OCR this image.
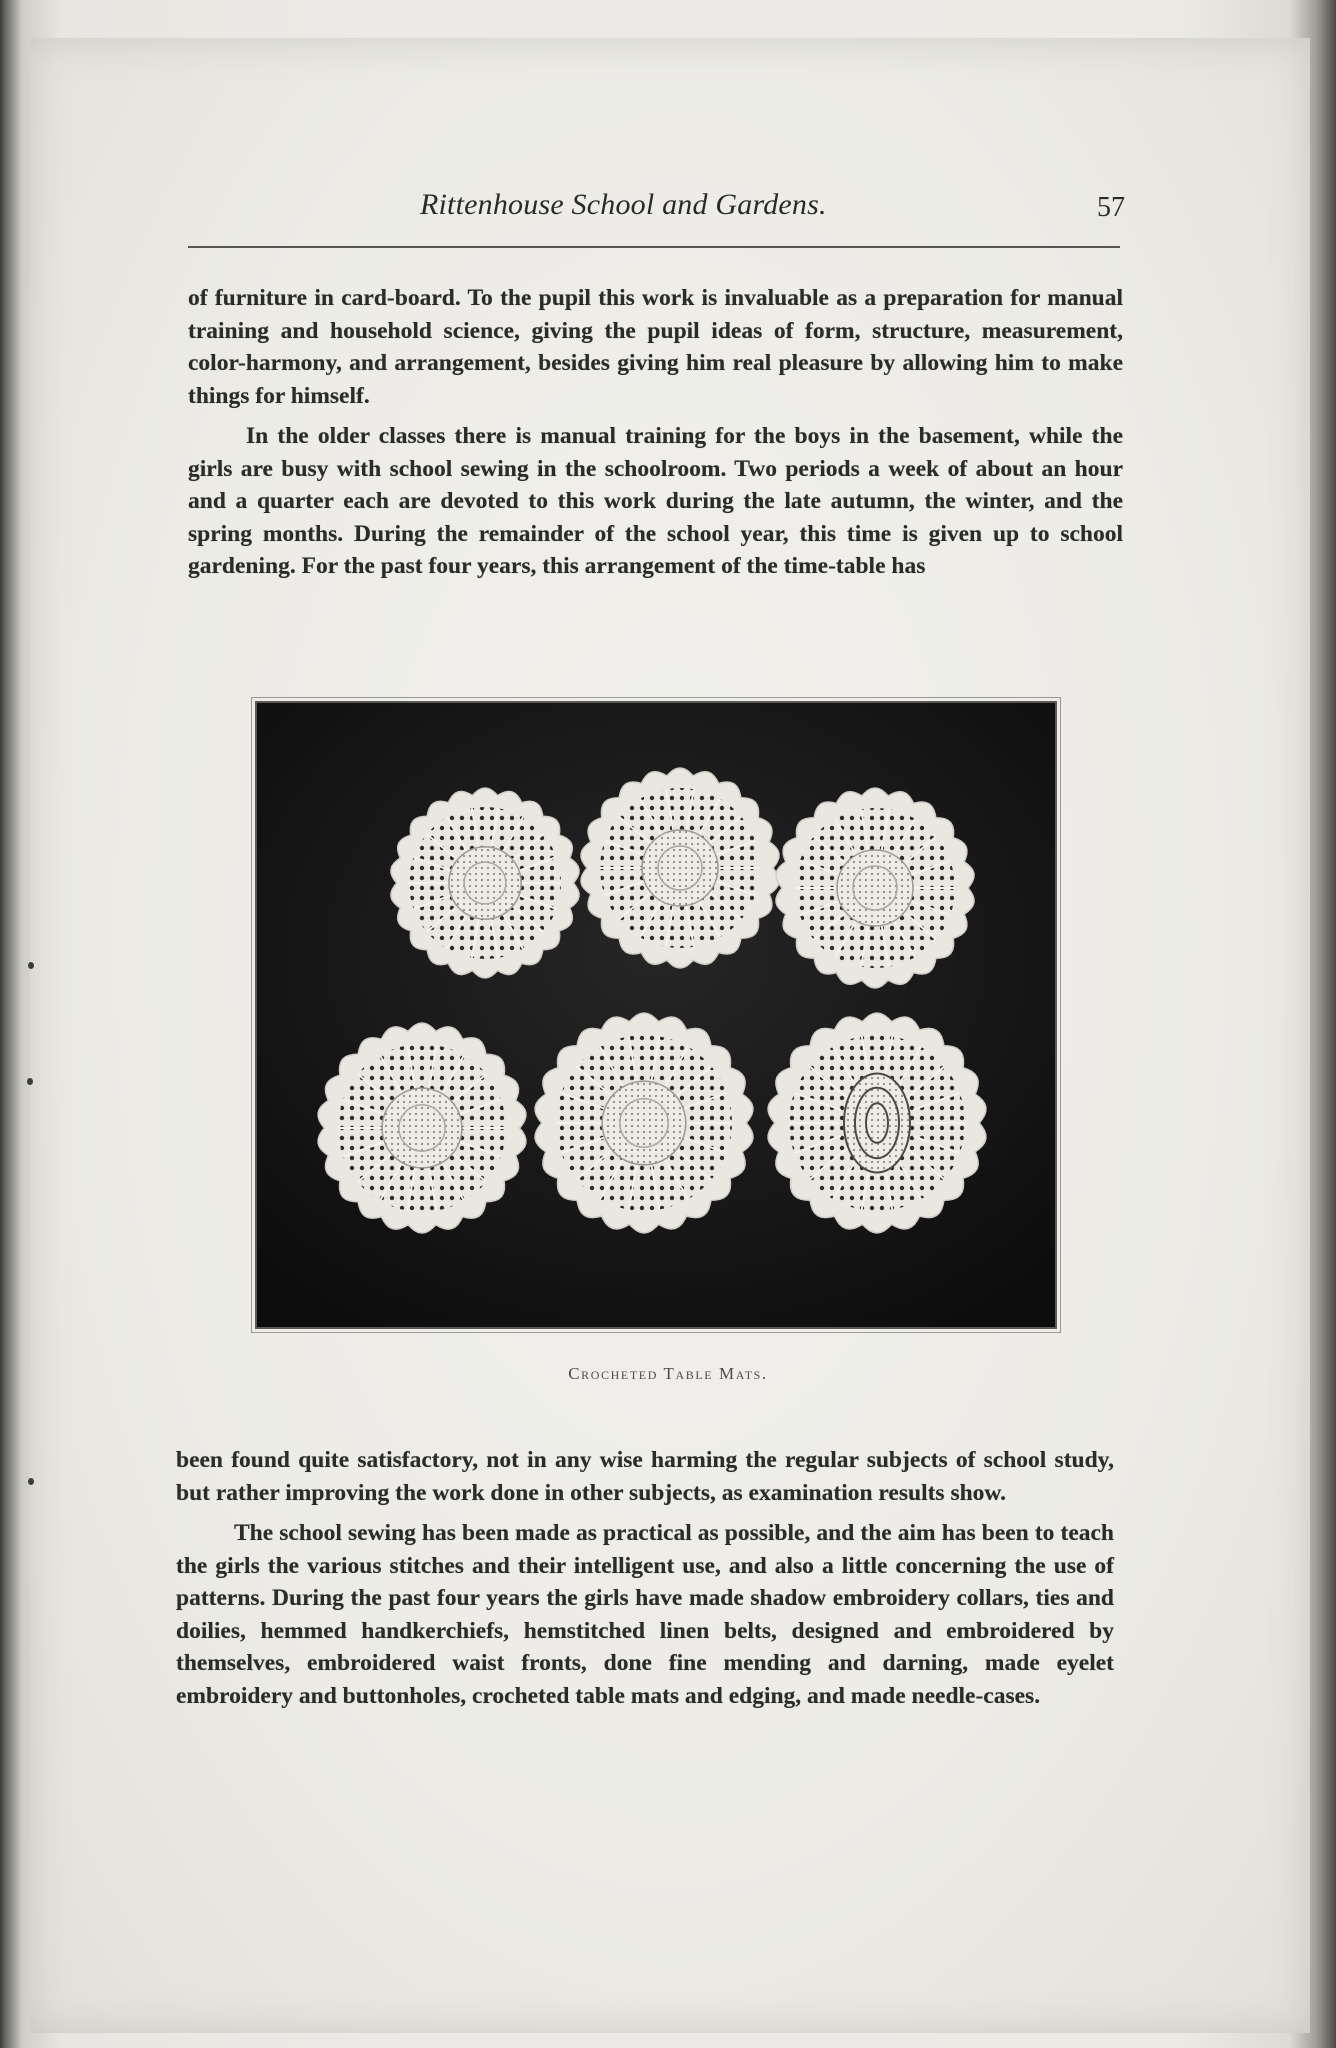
Rittenhouse School and Gardens.	57

of furniture in card-board. To the pupil this work is invaluable as a preparation for manual training and household science, giving the pupil ideas of form, structure, measurement, color-harmony, and arrangement, besides giving him real pleasure by allowing him to make things for himself.

In the older classes there is manual training for the boys in the basement, while the girls are busy with school sewing in the schoolroom. Two periods a week of about an hour and a quarter each are devoted to this work during the late autumn, the winter, and the spring months. During the remainder of the school year, this time is given up to school gardening. For the past four years, this arrangement of the time-table has

Crocheted Table Mats.

been found quite satisfactory, not in any wise harming the regular subjects of school study, but rather improving the work done in other subjects, as examination results show.

The school sewing has been made as practical as possible, and the aim has been to teach the girls the various stitches and their intelligent use, and also a little concerning the use of patterns. During the past four years the girls have made shadow embroidery collars, ties and doilies, hemmed handkerchiefs, hemstitched linen belts, designed and embroidered by themselves, embroidered waist fronts, done fine mending and darning, made eyelet embroidery and buttonholes, crocheted table mats and edging, and made needle-cases.
